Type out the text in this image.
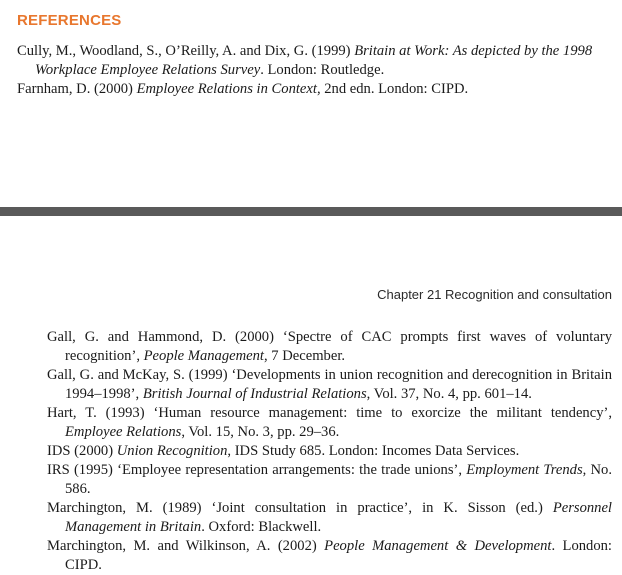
REFERENCES

Cully, M., Woodland, S., O’Reilly, A. and Dix, G. (1999) Britain at Work: As depicted by the 1998 Workplace Employee Relations Survey. London: Routledge.

Farnham, D. (2000) Employee Relations in Context, 2nd edn. London: CIPD.

Chapter 21 Recognition and consultation

Gall, G. and Hammond, D. (2000) ‘Spectre of CAC prompts first waves of voluntary recognition’, People Management, 7 December.

Gall, G. and McKay, S. (1999) ‘Developments in union recognition and derecognition in Britain 1994–1998’, British Journal of Industrial Relations, Vol. 37, No. 4, pp. 601–14.

Hart, T. (1993) ‘Human resource management: time to exorcize the militant tendency’, Employee Relations, Vol. 15, No. 3, pp. 29–36.

IDS (2000) Union Recognition, IDS Study 685. London: Incomes Data Services.

IRS (1995) ‘Employee representation arrangements: the trade unions’, Employment Trends, No. 586.

Marchington, M. (1989) ‘Joint consultation in practice’, in K. Sisson (ed.) Personnel Management in Britain. Oxford: Blackwell.

Marchington, M. and Wilkinson, A. (2002) People Management & Development. London: CIPD.
